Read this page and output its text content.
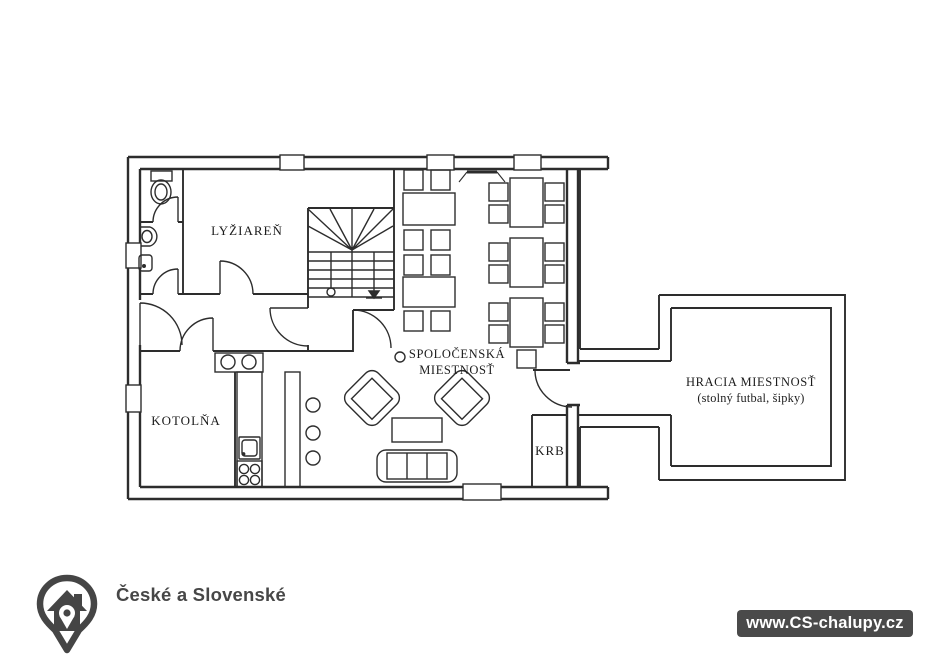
LYŽIAREŇ
SPOLOČENSKÁ
MIESTNOSŤ
KOTOLŇA
KRB
HRACIA MIESTNOSŤ
(stolný futbal, šipky)
České a Slovenské
www.CS-chalupy.cz
